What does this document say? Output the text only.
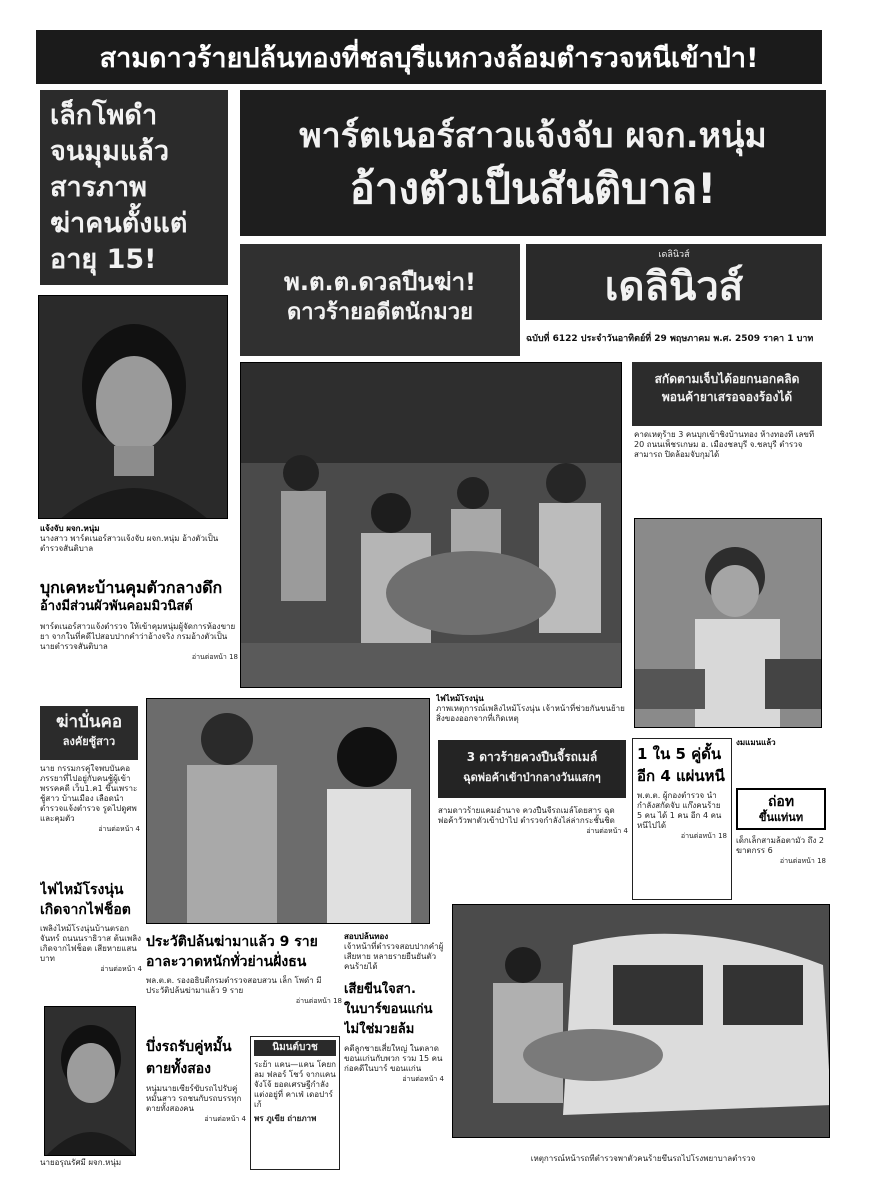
สามดาวร้ายปล้นทองที่ชลบุรีแหกวงล้อมตำรวจหนีเข้าป่า!
เล็กโพดำ
จนมุมแล้ว
สารภาพ
ฆ่าคนตั้งแต่
อายุ 15!
พาร์ตเนอร์สาวแจ้งจับ ผจก.หนุ่ม
อ้างตัวเป็นสันติบาล!
พ.ต.ต.ดวลปืนฆ่า!
ดาวร้ายอดีตนักมวย
เดลินิวส์
เดลินิวส์
ฉบับที่ 6122 ประจำวันอาทิตย์ที่ 29 พฤษภาคม พ.ศ. 2509 ราคา 1 บาท
แจ้งจับ ผจก.หนุ่ม
นางสาว พาร์ตเนอร์สาวแจ้งจับ ผจก.หนุ่ม อ้างตัวเป็นตำรวจสันติบาล
บุกเคหะบ้านคุมตัวกลางดึก
อ้างมีส่วนผัวพันคอมมิวนิสต์
พาร์ตเนอร์สาวแจ้งตำรวจ ให้เข้าคุมหนุ่มผู้จัดการห้องขายยา จากในที่คดีไปสอบปากคำว่าอ้างจริง กรมอ้างตัวเป็นนายตำรวจสันติบาล
อ่านต่อหน้า 18
สกัดตามเจ็บได้อยกนอกคลิด
พอนค้ายาเสรอจองร้องได้
คาดเหตุร้าย 3 คนบุกเข้าชิงบ้านทอง ห้างทองที่ เลขที่ 20 ถนนเพ็ชรเกษม อ. เมืองชลบุรี จ.ชลบุรี ตำรวจสามารถ ปิดล้อมจับกุมได้
ไฟไหม้โรงนุ่น
ภาพเหตุการณ์เพลิงไหม้โรงนุ่น เจ้าหน้าที่ช่วยกันขนย้ายสิ่งของออกจากที่เกิดเหตุ
ฆ่าบั่นคอ
ลงคัยชู้สาว
นาย กรรมกรคู่ใจพบบั่นคอภรรยาที่ไปอยู่กับคนชู้ผู้เข้าพรรคคดี เว็บ1.ค1 ขึ้นเพราะชู้สาว บ้านเมือง เลือดนำตำรวจแจ้งตำรวจ รูดไปดูศพและคุมตัว
อ่านต่อหน้า 4
3 ดาวร้ายควงปืนจี้รถเมล์
ฉุดพ่อค้าเข้าป่ากลางวันแสกๆ
สามดาวร้ายแคมอำนาจ ควงปืนจี้รถเมล์โดยสาร ฉุดพ่อค้าวัวพาตัวเข้าป่าไป ตำรวจกำลังไล่ล่ากระชั้นชิด
อ่านต่อหน้า 4
1 ใน 5 คู่ดั้น
อีก 4 แผ่นหนี
พ.ต.ต. ผู้กองตำรวจ นำกำลังสกัดจับ แก๊งคนร้าย 5 คน ได้ 1 คน อีก 4 คนหนีไปได้
อ่านต่อหน้า 18
งมแมนแล้ว
ถ่อท
ขึ้นแท่นท
เด็กเล็กสามล้อตามัว ถึง 2 ฆาตกรร 6
อ่านต่อหน้า 18
ไฟไหม้โรงนุ่น
เกิดจากไฟช็อต
เพลิงไหม้โรงนุ่นบ้านตรอกจันทร์ ถนนนราธิวาส ต้นเพลิงเกิดจากไฟช็อต เสียหายแสนบาท
อ่านต่อหน้า 4
ประวัติปล้นฆ่ามาแล้ว 9 ราย
อาละวาดหนักทั่วย่านฝั่งธน
พล.ต.ต. รองอธิบดีกรมตำรวจสอบสวน เล็ก โพดำ มีประวัติปล้นฆ่ามาแล้ว 9 ราย
อ่านต่อหน้า 18
สอบปล้นทอง
เจ้าหน้าที่ตำรวจสอบปากคำผู้เสียหาย หลายรายยืนยันตัวคนร้ายได้
เสียขีนใจสา.
ในบาร์ขอนแก่น
ไม่ใช่มวยล้ม
คดีลูกชายเสี่ยใหญ่ ในตลาดขอนแก่นกับพวก รวม 15 คน ก่อคดีในบาร์ ขอนแก่น
อ่านต่อหน้า 4
นายอรุณรัศมี ผจก.หนุ่ม
บึ่งรถรับคู่หมั้น
ตายทั้งสอง
หนุ่มนายเซียร์ขับรถไปรับคู่หมั้นสาว รถชนกับรถบรรทุก ตายทั้งสองคน
อ่านต่อหน้า 4
นิมนต์บวช
ระย้า แคน—แคน โคยกลม ฟลอร์ โชว์ จากแคนจังโจ้ ยอดเศรษฐีกำลังแต่งอยู่ที่ คาเฟ่ เดอปาร์เก้
พร ภูเขีย ถ่ายภาพ
เหตุการณ์หน้ารถที่ตำรวจพาตัวคนร้ายขึ้นรถไปโรงพยาบาลตำรวจ
